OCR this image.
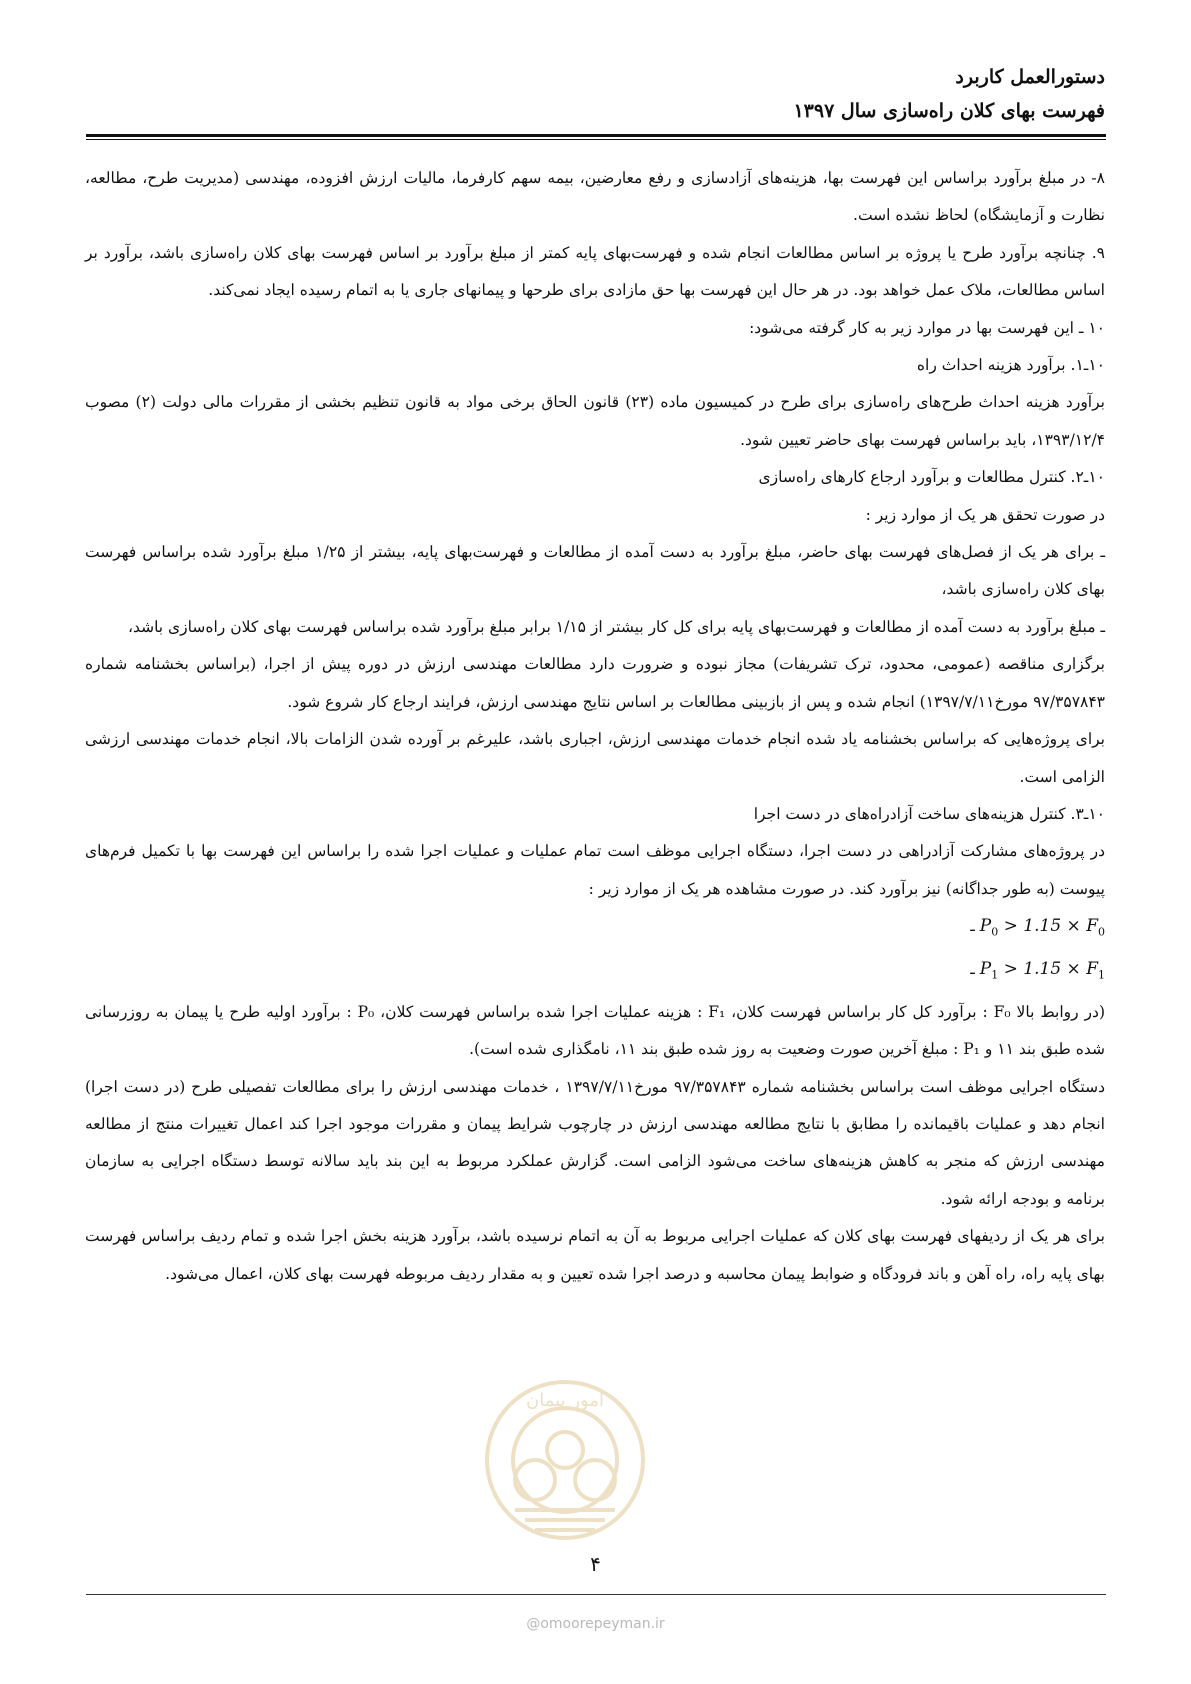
دستورالعمل کاربرد
فهرست بهای کلان راه‌سازی سال ۱۳۹۷

۸- در مبلغ برآورد براساس این فهرست بها، هزینه‌های آزادسازی و رفع معارضین، بیمه سهم کارفرما، مالیات ارزش افزوده، مهندسی (مدیریت طرح، مطالعه، نظارت و آزمایشگاه) لحاظ نشده است.

۹. چنانچه برآورد طرح یا پروژه بر اساس مطالعات انجام شده و فهرست‌بهای پایه کمتر از مبلغ برآورد بر اساس فهرست بهای کلان راه‌سازی باشد، برآورد بر اساس مطالعات، ملاک عمل خواهد بود. در هر حال این فهرست بها حق مازادی برای طرحها و پیمانهای جاری یا به اتمام رسیده ایجاد نمی‌کند.

۱۰ ـ این فهرست بها در موارد زیر به کار گرفته می‌شود:

۱۰ـ۱. برآورد هزینه احداث راه

برآورد هزینه احداث طرح‌های راه‌سازی برای طرح در کمیسیون ماده (۲۳) قانون الحاق برخی مواد به قانون تنظیم بخشی از مقررات مالی دولت (۲) مصوب ۱۳۹۳/۱۲/۴، باید براساس فهرست بهای حاضر تعیین شود.

۱۰ـ۲. کنترل مطالعات و برآورد ارجاع کارهای راه‌سازی

در صورت تحقق هر یک از موارد زیر :

ـ برای هر یک از فصل‌های فهرست بهای حاضر، مبلغ برآورد به دست آمده از مطالعات و فهرست‌بهای پایه، بیشتر از ۱/۲۵ مبلغ برآورد شده براساس فهرست بهای کلان راه‌سازی باشد،

ـ مبلغ برآورد به دست آمده از مطالعات و فهرست‌بهای پایه برای کل کار بیشتر از ۱/۱۵ برابر مبلغ برآورد شده براساس فهرست بهای کلان راه‌سازی باشد،

برگزاری مناقصه (عمومی، محدود، ترک تشریفات) مجاز نبوده و ضرورت دارد مطالعات مهندسی ارزش در دوره پیش از اجرا، (براساس بخشنامه شماره ۹۷/۳۵۷۸۴۳ مورخ۱۳۹۷/۷/۱۱) انجام شده و پس از بازبینی مطالعات بر اساس نتایج مهندسی ارزش، فرایند ارجاع کار شروع شود.

برای پروژه‌هایی که براساس بخشنامه یاد شده انجام خدمات مهندسی ارزش، اجباری باشد، علیرغم بر آورده شدن الزامات بالا، انجام خدمات مهندسی ارزشی الزامی است.

۱۰ـ۳. کنترل هزینه‌های ساخت آزادراه‌های در دست اجرا

در پروژه‌های مشارکت آزادراهی در دست اجرا، دستگاه اجرایی موظف است تمام عملیات و عملیات اجرا شده را براساس این فهرست بها با تکمیل فرم‌های پیوست (به طور جداگانه) نیز برآورد کند. در صورت مشاهده هر یک از موارد زیر :

$P_0 > 1.15 \times F_0$ ـ

$P_1 > 1.15 \times F_1$ ـ

(در روابط بالا F₀ : برآورد کل کار براساس فهرست کلان، F₁ : هزینه عملیات اجرا شده براساس فهرست کلان، P₀ : برآورد اولیه طرح یا پیمان به روزرسانی شده طبق بند ۱۱ و P₁ : مبلغ آخرین صورت وضعیت به روز شده طبق بند ۱۱، نامگذاری شده است).

دستگاه اجرایی موظف است براساس بخشنامه شماره ۹۷/۳۵۷۸۴۳ مورخ۱۳۹۷/۷/۱۱ ، خدمات مهندسی ارزش را برای مطالعات تفصیلی طرح (در دست اجرا) انجام دهد و عملیات باقیمانده را مطابق با نتایج مطالعه مهندسی ارزش در چارچوب شرایط پیمان و مقررات موجود اجرا کند اعمال تغییرات منتج از مطالعه مهندسی ارزش که منجر به کاهش هزینه‌های ساخت می‌شود الزامی است. گزارش عملکرد مربوط به این بند باید سالانه توسط دستگاه اجرایی به سازمان برنامه و بودجه ارائه شود.

برای هر یک از ردیفهای فهرست بهای کلان که عملیات اجرایی مربوط به آن به اتمام نرسیده باشد، برآورد هزینه بخش اجرا شده و تمام ردیف براساس فهرست بهای پایه راه، راه آهن و باند فرودگاه و ضوابط پیمان محاسبه و درصد اجرا شده تعیین و به مقدار ردیف مربوطه فهرست بهای کلان، اعمال می‌شود.

امور پیمان
۴
@omoorepeyman.ir
